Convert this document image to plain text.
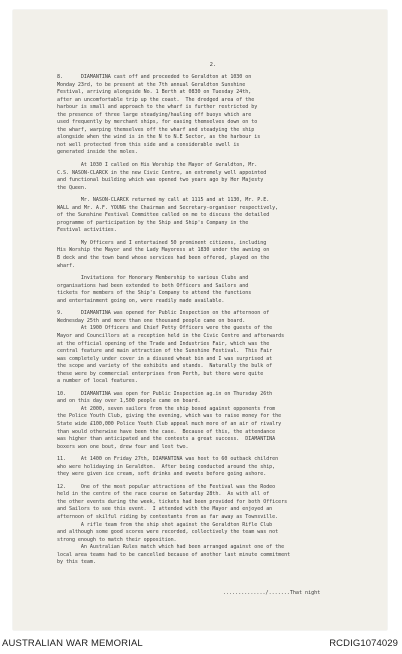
2.
8.      DIAMANTINA cast off and proceeded to Geraldton at 1030 on
Monday 23rd, to be present at the 7th annual Geraldton Sunshine
Festival, arriving alongside No. 1 Berth at 0830 on Tuesday 24th,
after an uncomfortable trip up the coast.  The dredged area of the
harbour is small and approach to the wharf is further restricted by
the presence of three large steadying/hauling off buoys which are
used frequently by merchant ships, for easing themselves down on to
the wharf, warping themselves off the wharf and steadying the ship
alongside when the wind is in the N to N.E Sector, as the harbour is
not well protected from this side and a considerable swell is
generated inside the moles.
At 1030 I called on His Worship the Mayor of Geraldton, Mr.
C.S. NASON-CLARCK in the new Civic Centre, an extremely well appointed
and functional building which was opened two years ago by Her Majesty
the Queen.
Mr. NASON-CLARCK returned my call at 1115 and at 1130, Mr. P.E.
WALL and Mr. A.F. YOUNG the Chairman and Secretary-organiser respectively,
of the Sunshine Festival Committee called on me to discuss the detailed
programme of participation by the Ship and Ship's Company in the
Festival activities.
My Officers and I entertained 50 prominent citizens, including
His Worship the Mayor and the Lady Mayoress at 1830 under the awning on
B deck and the town band whose services had been offered, played on the
wharf.
Invitations for Honorary Membership to various Clubs and
organisations had been extended to both Officers and Sailors and
tickets for members of the Ship's Company to attend the functions
and entertainment going on, were readily made available.
9.      DIAMANTINA was opened for Public Inspection on the afternoon of
Wednesday 25th and more than one thousand people came on board.
At 1900 Officers and Chief Petty Officers were the guests of the
Mayor and Councillors at a reception held in the Civic Centre and afterwards
at the official opening of the Trade and Industries Fair, which was the
central feature and main attraction of the Sunshine Festival.  This Fair
was completely under cover in a disused wheat bin and I was surprised at
the scope and variety of the exhibits and stands.  Naturally the bulk of
these were by commercial enterprises from Perth, but there were quite
a number of local features.
10.     DIAMANTINA was open for Public Inspection ag.in on Thursday 26th
and on this day over 1,500 people came on board.
At 2000, seven sailors from the ship boxed against opponents from
the Police Youth Club, giving the evening, which was to raise money for the
State wide £100,000 Police Youth Club appeal much more of an air of rivalry
than would otherwise have been the case.  Because of this, the attendance
was higher than anticipated and the contests a great success.  DIAMANTINA
boxers won one bout, drew four and lost two.
11.     At 1400 on Friday 27th, DIAMANTINA was host to 60 outback children
who were holidaying in Geraldton.  After being conducted around the ship,
they were given ice cream, soft drinks and sweets before going ashore.
12.     One of the most popular attractions of the Festival was the Rodeo
held in the centre of the race course on Saturday 28th.  As with all of
the other events during the week, tickets had been provided for both Officers
and Sailors to see this event.  I attended with the Mayor and enjoyed an
afternoon of skilful riding by contestants from as far away as Townsville.
A rifle team from the ship shot against the Geraldton Rifle Club
and although some good scores were recorded, collectively the team was not
strong enough to match their opposition.
An Australian Rules match which had been arranged against one of the
local area teams had to be cancelled because of another last minute commitment
by this team.
............../.......That night
AUSTRALIAN WAR MEMORIAL	RCDIG1074029
